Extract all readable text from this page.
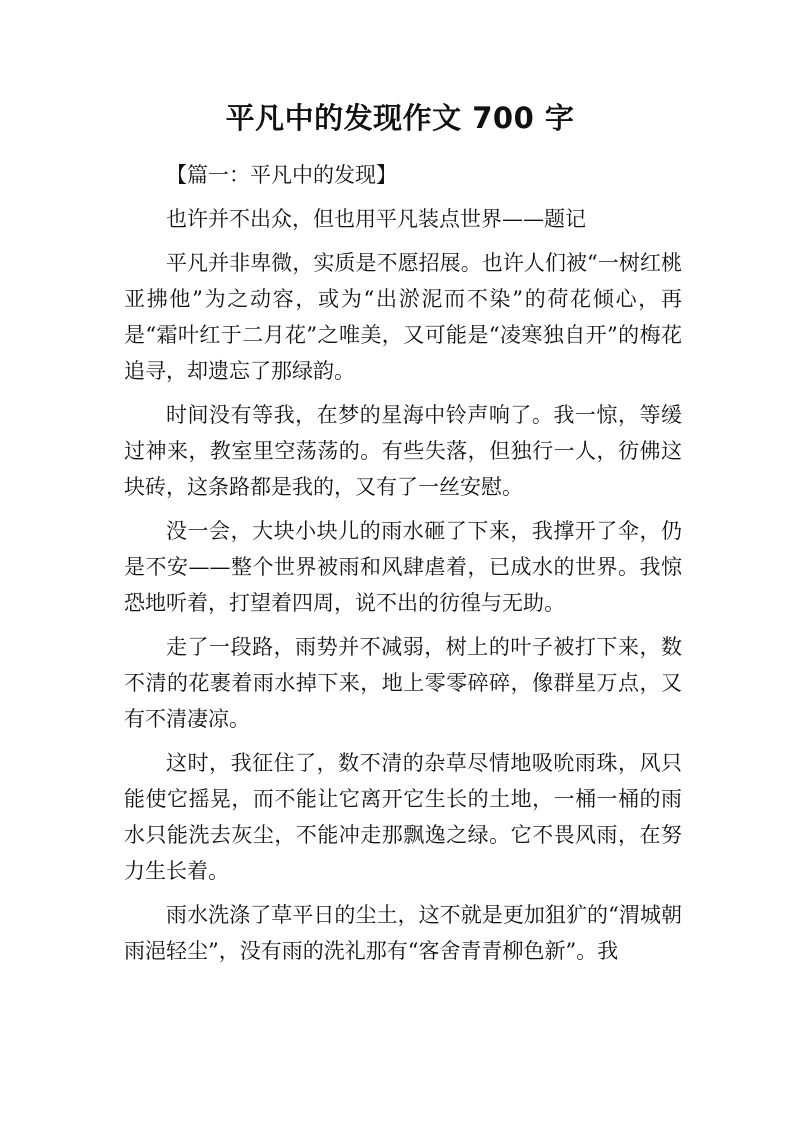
平凡中的发现作文 700 字

【篇一：平凡中的发现】

也许并不出众，但也用平凡装点世界——题记

平凡并非卑微，实质是不愿招展。也许人们被“一树红桃亚拂他”为之动容，或为“出淤泥而不染”的荷花倾心，再是“霜叶红于二月花”之唯美，又可能是“凌寒独自开”的梅花追寻，却遗忘了那绿韵。

时间没有等我，在梦的星海中铃声响了。我一惊，等缓过神来，教室里空荡荡的。有些失落，但独行一人，彷佛这块砖，这条路都是我的，又有了一丝安慰。

没一会，大块小块儿的雨水砸了下来，我撑开了伞，仍是不安——整个世界被雨和风肆虐着，已成水的世界。我惊恐地听着，打望着四周，说不出的彷徨与无助。

走了一段路，雨势并不减弱，树上的叶子被打下来，数不清的花裹着雨水掉下来，地上零零碎碎，像群星万点，又有不清凄凉。

这时，我征住了，数不清的杂草尽情地吸吮雨珠，风只能使它摇晃，而不能让它离开它生长的土地，一桶一桶的雨水只能洗去灰尘，不能冲走那飘逸之绿。它不畏风雨，在努力生长着。

雨水洗涤了草平日的尘土，这不就是更加狙犷的“渭城朝雨浥轻尘”，没有雨的洗礼那有“客舍青青柳色新”。我
